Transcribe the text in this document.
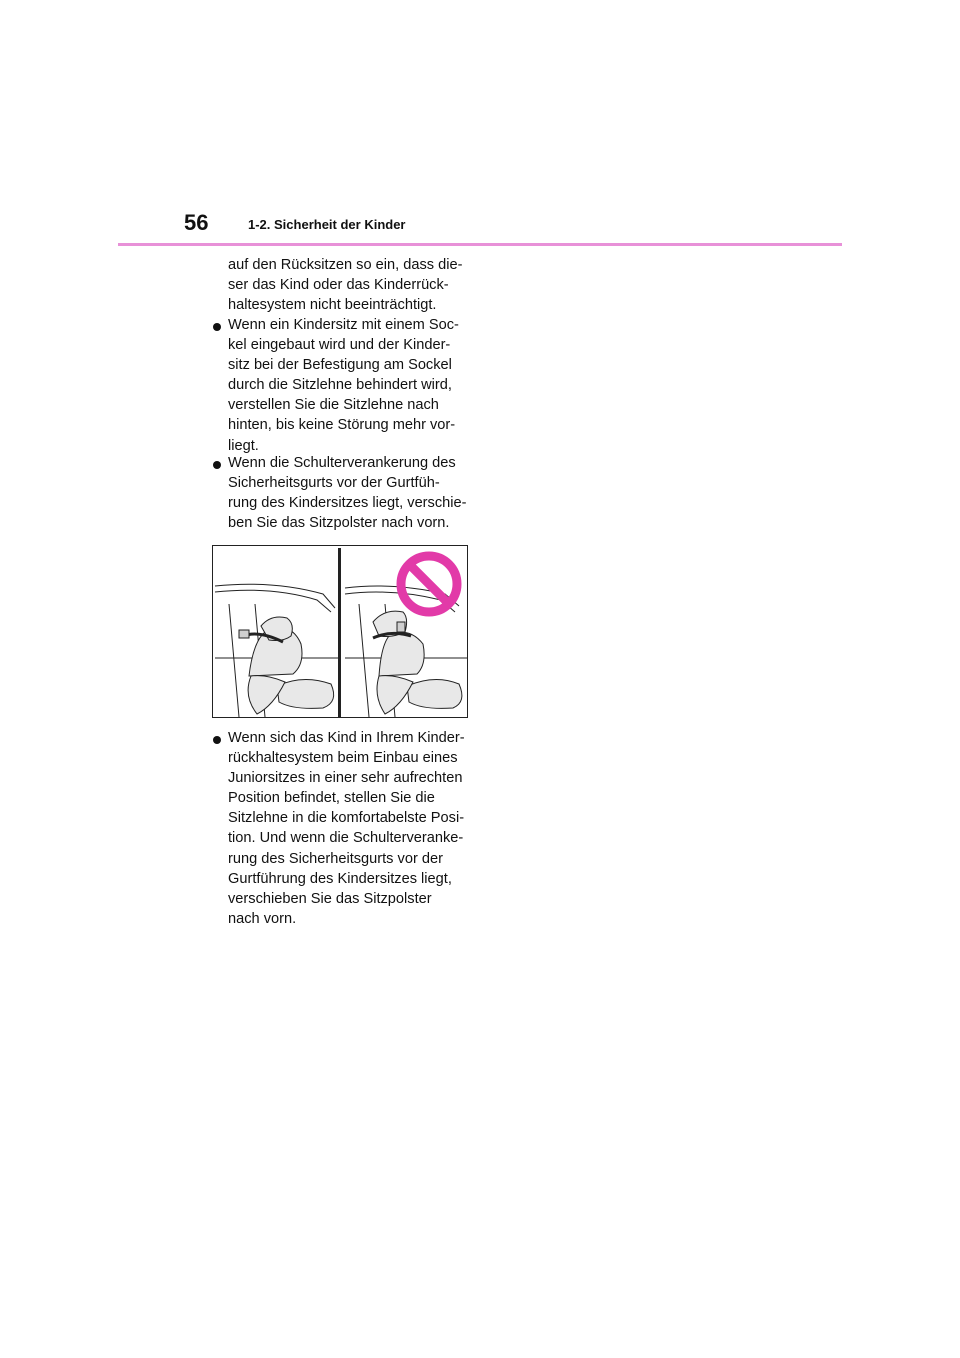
56	1-2. Sicherheit der Kinder
auf den Rücksitzen so ein, dass die-
ser das Kind oder das Kinderrück-
haltesystem nicht beeinträchtigt.
Wenn ein Kindersitz mit einem Soc-
kel eingebaut wird und der Kinder-
sitz bei der Befestigung am Sockel
durch die Sitzlehne behindert wird,
verstellen Sie die Sitzlehne nach
hinten, bis keine Störung mehr vor-
liegt.
Wenn die Schulterverankerung des
Sicherheitsgurts vor der Gurtfüh-
rung des Kindersitzes liegt, verschie-
ben Sie das Sitzpolster nach vorn.
Wenn sich das Kind in Ihrem Kinder-
rückhaltesystem beim Einbau eines
Juniorsitzes in einer sehr aufrechten
Position befindet, stellen Sie die
Sitzlehne in die komfortabelste Posi-
tion. Und wenn die Schulterveranke-
rung des Sicherheitsgurts vor der
Gurtführung des Kindersitzes liegt,
verschieben Sie das Sitzpolster
nach vorn.
